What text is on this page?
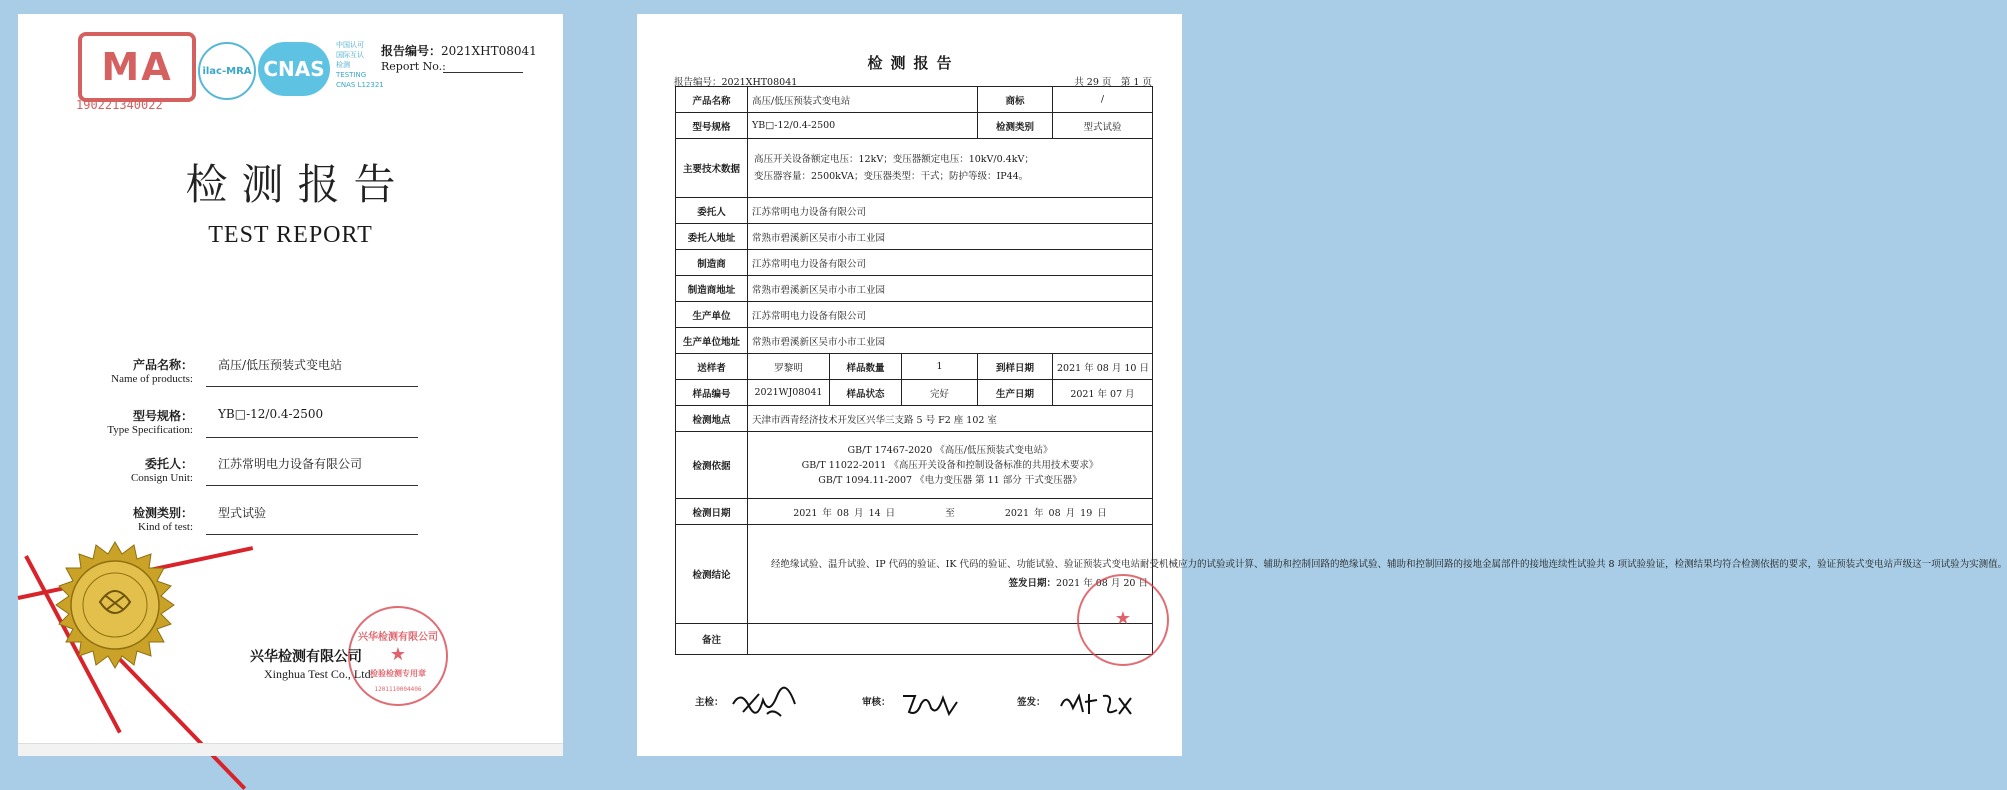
MA
190221340022
ilac-MRA CNAS
中国认可
国际互认
检测
TESTING
CNAS L12321
报告编号：2021XHT08041
Report No.:
检测报告
TEST REPORT
产品名称：
Name of products:
高压/低压预装式变电站
型号规格：
Type Specification:
YB□-12/0.4-2500
委托人：
Consign Unit:
江苏常明电力设备有限公司
检测类别：
Kind of test:
型式试验
兴华检测有限公司
★
检验检测专用章
1201110004406
兴华检测有限公司
Xinghua Test Co., Ltd.
检测报告
报告编号：2021XHT08041	共 29 页　第 1 页
产品名称	高压/低压预装式变电站			商标	/
型号规格	YB□-12/0.4-2500			检测类别	型式试验
主要技术数据	高压开关设备额定电压：12kV；变压器额定电压：10kV/0.4kV；
变压器容量：2500kVA；变压器类型：干式；防护等级：IP44。				

委托人	江苏常明电力设备有限公司				
委托人地址	常熟市碧溪新区吴市小市工业园				
制造商	江苏常明电力设备有限公司				
制造商地址	常熟市碧溪新区吴市小市工业园				
生产单位	江苏常明电力设备有限公司				
生产单位地址	常熟市碧溪新区吴市小市工业园				
送样者	罗黎明	样品数量	1	到样日期	2021 年 08 月 10 日
样品编号	2021WJ08041	样品状态	完好	生产日期	2021 年 07 月
检测地点	天津市西青经济技术开发区兴华三支路 5 号 F2 座 102 室				
检测依据	GB/T 17467-2020 《高压/低压预装式变电站》
GB/T 11022-2011 《高压开关设备和控制设备标准的共用技术要求》
GB/T 1094.11-2007 《电力变压器 第 11 部分 干式变压器》				

检测日期	2021 年 08 月 14 日 至 2021 年 08 月 19 日				
检测结论	经绝缘试验、温升试验、IP 代码的验证、IK 代码的验证、功能试验、验证预装式变电站耐受机械应力的试验或计算、辅助和控制回路的绝缘试验、辅助和控制回路的接地金属部件的接地连续性试验共 8 项试验验证，检测结果均符合检测依据的要求，验证预装式变电站声级这一项试验为实测值。
签发日期：2021 年 08 月 20 日				

备注					
★
主检：	审核：	签发：
